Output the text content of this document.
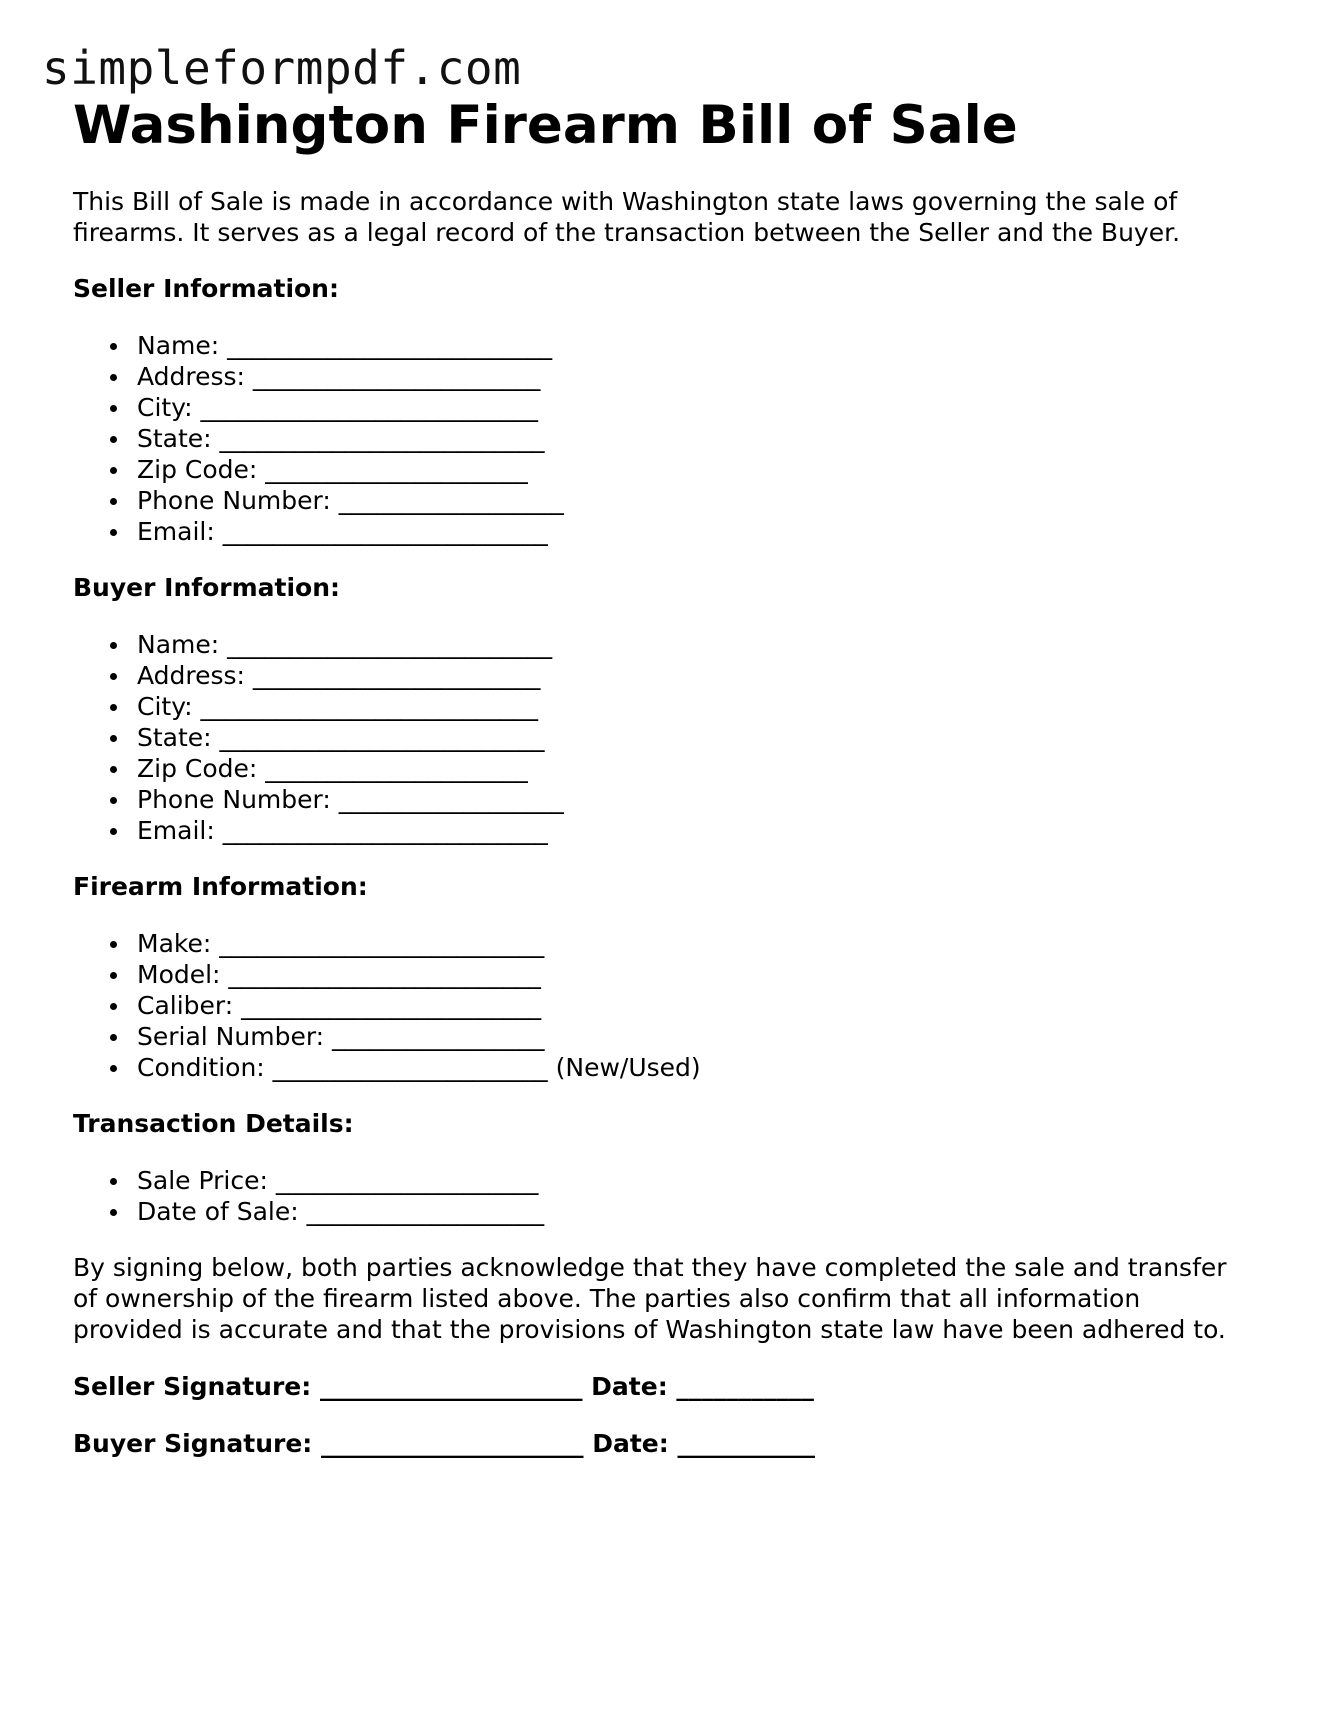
simpleformpdf.com
Washington Firearm Bill of Sale

This Bill of Sale is made in accordance with Washington state laws governing the sale of firearms. It serves as a legal record of the transaction between the Seller and the Buyer.

Seller Information:
Name: __________________________
Address: _______________________
City: ___________________________
State: __________________________
Zip Code: _____________________
Phone Number: __________________
Email: __________________________
Buyer Information:
Name: __________________________
Address: _______________________
City: ___________________________
State: __________________________
Zip Code: _____________________
Phone Number: __________________
Email: __________________________
Firearm Information:
Make: __________________________
Model: _________________________
Caliber: ________________________
Serial Number: _________________
Condition: ______________________ (New/Used)
Transaction Details:
Sale Price: _____________________
Date of Sale: ___________________

By signing below, both parties acknowledge that they have completed the sale and transfer of ownership of the firearm listed above. The parties also confirm that all information provided is accurate and that the provisions of Washington state law have been adhered to.

Seller Signature: _____________________ Date: ___________
Buyer Signature: _____________________ Date: ___________
